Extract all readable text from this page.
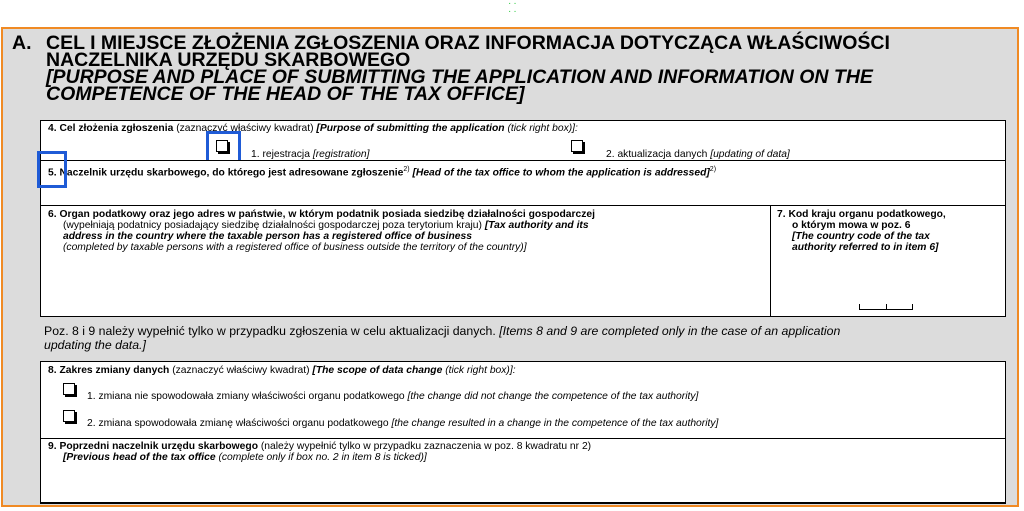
··
··
A. CEL I MIEJSCE ZŁOŻENIA ZGŁOSZENIA ORAZ INFORMACJA DOTYCZĄCA WŁAŚCIWOŚCI
NACZELNIKA URZĘDU SKARBOWEGO
[PURPOSE AND PLACE OF SUBMITTING THE APPLICATION AND INFORMATION ON THE
COMPETENCE OF THE HEAD OF THE TAX OFFICE]
4. Cel złożenia zgłoszenia (zaznaczyć właściwy kwadrat) [Purpose of submitting the application (tick right box)]:
1. rejestracja [registration]	2. aktualizacja danych [updating of data]
5. Naczelnik urzędu skarbowego, do którego jest adresowane zgłoszenie$^{2)}$ [Head of the tax office to whom the application is addressed]$^{2)}$
6. Organ podatkowy oraz jego adres w państwie, w którym podatnik posiada siedzibę działalności gospodarczej
(wypełniają podatnicy posiadający siedzibę działalności gospodarczej poza terytorium kraju) [Tax authority and its
address in the country where the taxable person has a registered office of business
(completed by taxable persons with a registered office of business outside the territory of the country)]
7. Kod kraju organu podatkowego,
o którym mowa w poz. 6
[The country code of the tax
authority referred to in item 6]
Poz. 8 i 9 należy wypełnić tylko w przypadku zgłoszenia w celu aktualizacji danych. [Items 8 and 9 are completed only in the case of an application
updating the data.]
8. Zakres zmiany danych (zaznaczyć właściwy kwadrat) [The scope of data change (tick right box)]:
1. zmiana nie spowodowała zmiany właściwości organu podatkowego [the change did not change the competence of the tax authority]
2. zmiana spowodowała zmianę właściwości organu podatkowego [the change resulted in a change in the competence of the tax authority]
9. Poprzedni naczelnik urzędu skarbowego (należy wypełnić tylko w przypadku zaznaczenia w poz. 8 kwadratu nr 2)
[Previous head of the tax office (complete only if box no. 2 in item 8 is ticked)]
